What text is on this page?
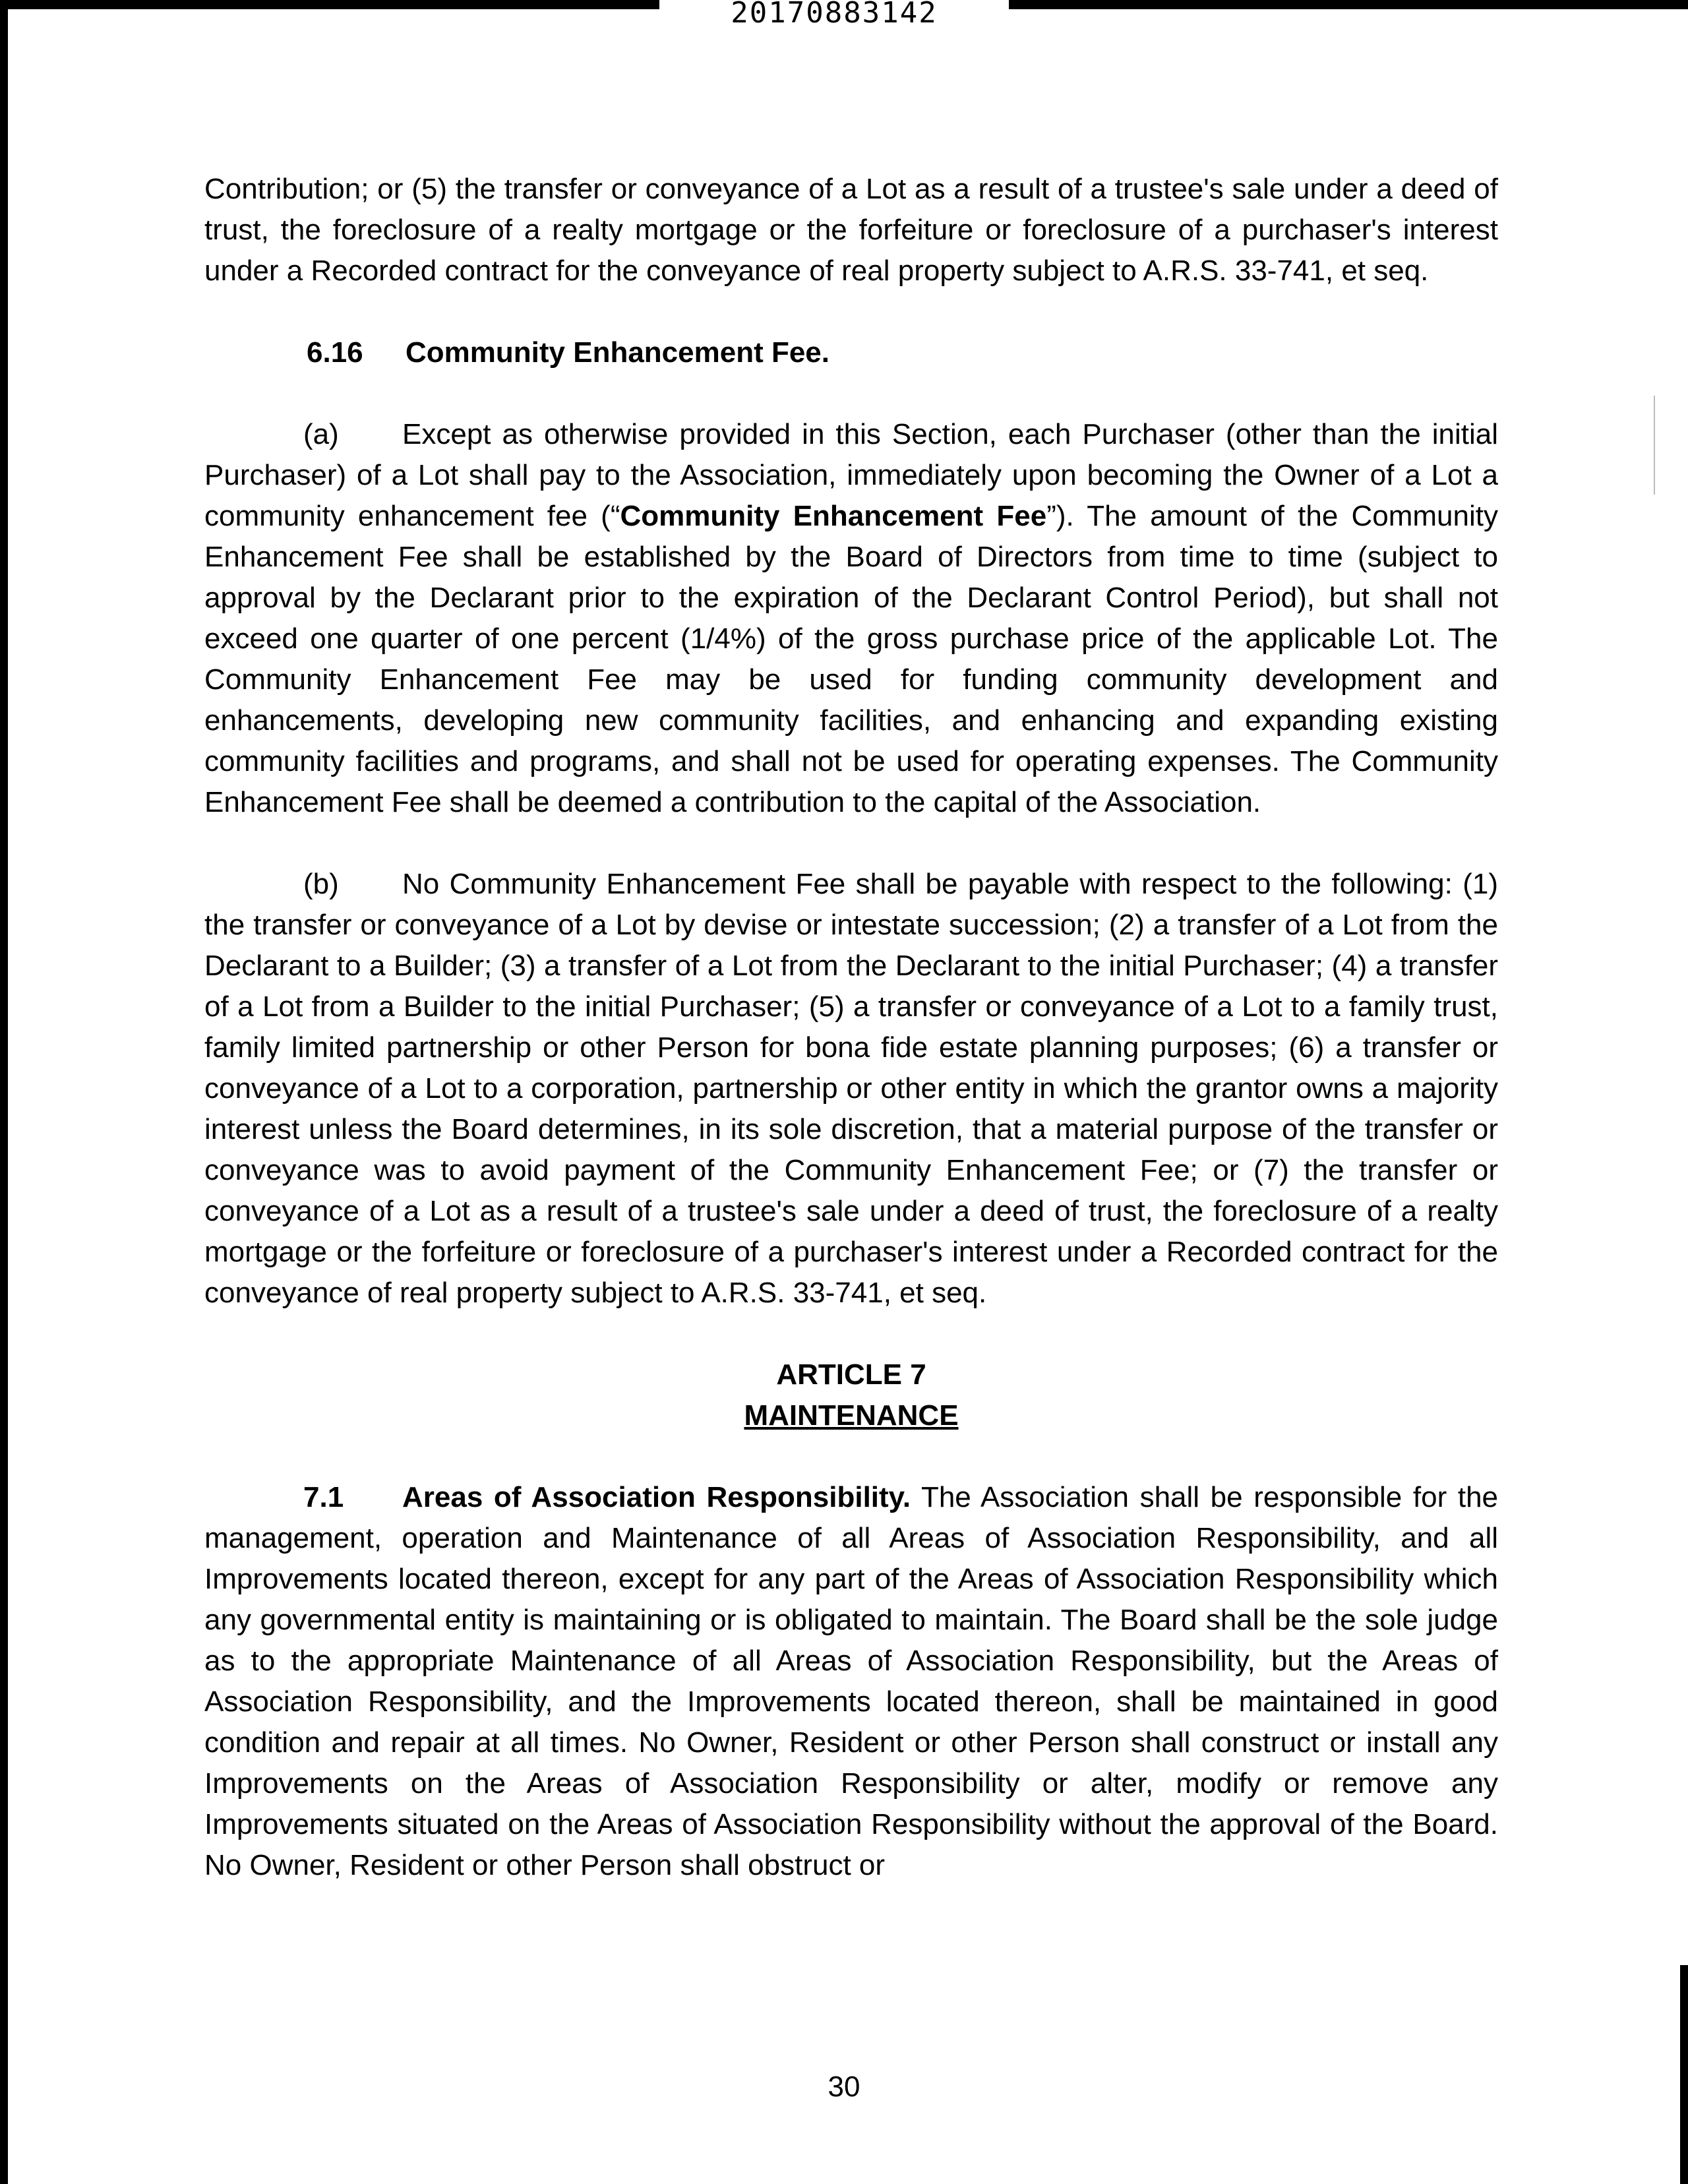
20170883142

Contribution; or (5) the transfer or conveyance of a Lot as a result of a trustee's sale under a deed of trust, the foreclosure of a realty mortgage or the forfeiture or foreclosure of a purchaser's interest under a Recorded contract for the conveyance of real property subject to A.R.S. 33-741, et seq.

6.16 Community Enhancement Fee.

(a) Except as otherwise provided in this Section, each Purchaser (other than the initial Purchaser) of a Lot shall pay to the Association, immediately upon becoming the Owner of a Lot a community enhancement fee (“Community Enhancement Fee”). The amount of the Community Enhancement Fee shall be established by the Board of Directors from time to time (subject to approval by the Declarant prior to the expiration of the Declarant Control Period), but shall not exceed one quarter of one percent (1/4%) of the gross purchase price of the applicable Lot. The Community Enhancement Fee may be used for funding community development and enhancements, developing new community facilities, and enhancing and expanding existing community facilities and programs, and shall not be used for operating expenses. The Community Enhancement Fee shall be deemed a contribution to the capital of the Association.

(b) No Community Enhancement Fee shall be payable with respect to the following: (1) the transfer or conveyance of a Lot by devise or intestate succession; (2) a transfer of a Lot from the Declarant to a Builder; (3) a transfer of a Lot from the Declarant to the initial Purchaser; (4) a transfer of a Lot from a Builder to the initial Purchaser; (5) a transfer or conveyance of a Lot to a family trust, family limited partnership or other Person for bona fide estate planning purposes; (6) a transfer or conveyance of a Lot to a corporation, partnership or other entity in which the grantor owns a majority interest unless the Board determines, in its sole discretion, that a material purpose of the transfer or conveyance was to avoid payment of the Community Enhancement Fee; or (7) the transfer or conveyance of a Lot as a result of a trustee's sale under a deed of trust, the foreclosure of a realty mortgage or the forfeiture or foreclosure of a purchaser's interest under a Recorded contract for the conveyance of real property subject to A.R.S. 33-741, et seq.

ARTICLE 7
MAINTENANCE

7.1 Areas of Association Responsibility. The Association shall be responsible for the management, operation and Maintenance of all Areas of Association Responsibility, and all Improvements located thereon, except for any part of the Areas of Association Responsibility which any governmental entity is maintaining or is obligated to maintain. The Board shall be the sole judge as to the appropriate Maintenance of all Areas of Association Responsibility, but the Areas of Association Responsibility, and the Improvements located thereon, shall be maintained in good condition and repair at all times. No Owner, Resident or other Person shall construct or install any Improvements on the Areas of Association Responsibility or alter, modify or remove any Improvements situated on the Areas of Association Responsibility without the approval of the Board. No Owner, Resident or other Person shall obstruct or

30
